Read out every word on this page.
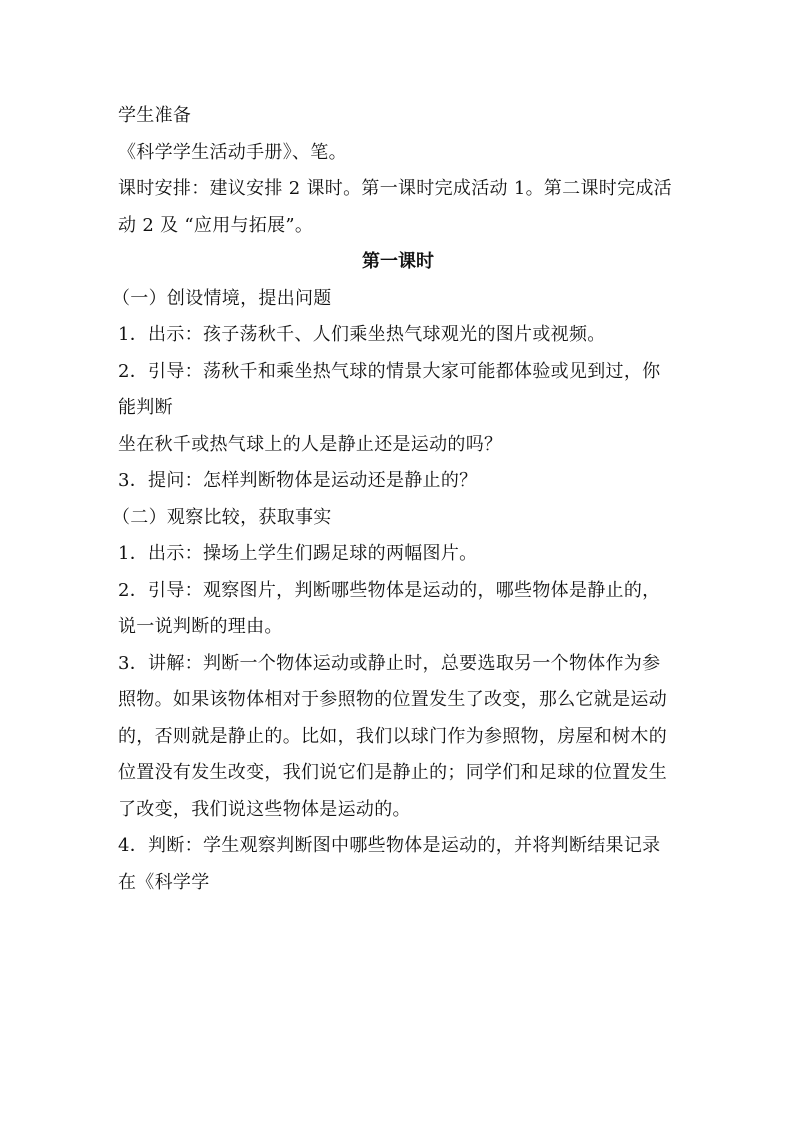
学生准备
《科学学生活动手册》、笔。
课时安排：建议安排 2 课时。第一课时完成活动 1。第二课时完成活
动 2 及 “应用与拓展”。
第一课时
（一）创设情境，提出问题
1．出示：孩子荡秋千、人们乘坐热气球观光的图片或视频。
2．引导：荡秋千和乘坐热气球的情景大家可能都体验或见到过，你
能判断
坐在秋千或热气球上的人是静止还是运动的吗？
3．提问：怎样判断物体是运动还是静止的？
（二）观察比较，获取事实
1．出示：操场上学生们踢足球的两幅图片。
2．引导：观察图片，判断哪些物体是运动的，哪些物体是静止的，
说一说判断的理由。
3．讲解：判断一个物体运动或静止时，总要选取另一个物体作为参
照物。如果该物体相对于参照物的位置发生了改变，那么它就是运动
的，否则就是静止的。比如，我们以球门作为参照物，房屋和树木的
位置没有发生改变，我们说它们是静止的；同学们和足球的位置发生
了改变，我们说这些物体是运动的。
4．判断：学生观察判断图中哪些物体是运动的，并将判断结果记录
在《科学学
